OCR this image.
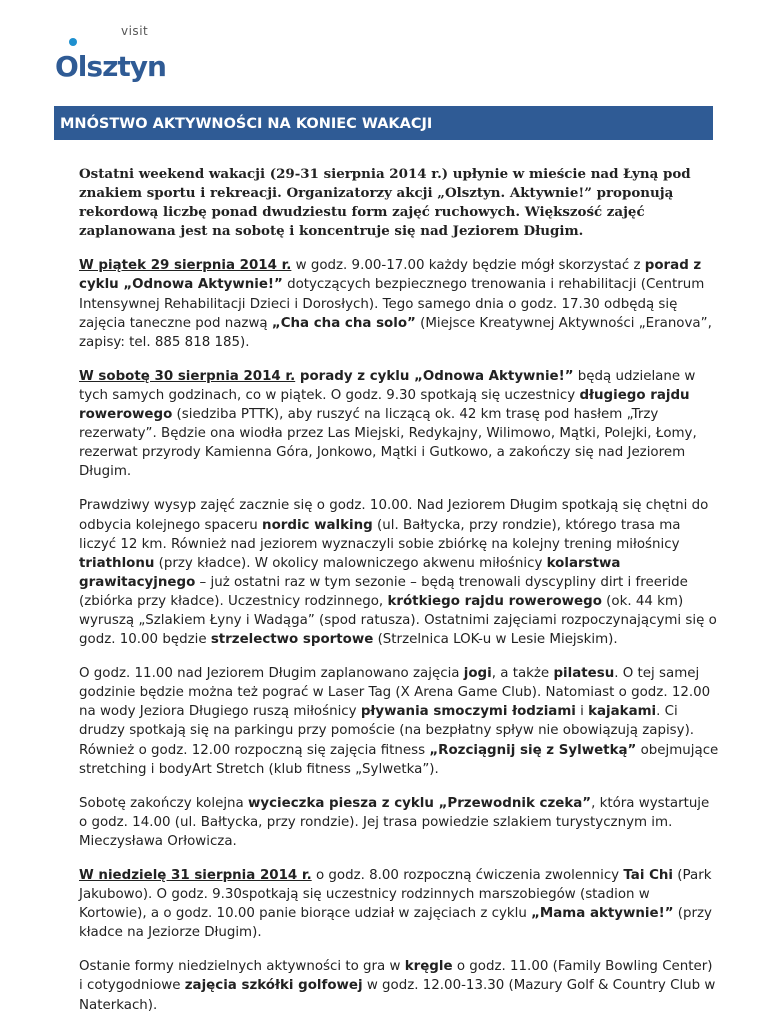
visit
Olsztyn
MNÓSTWO AKTYWNOŚCI NA KONIEC WAKACJI

Ostatni weekend wakacji (29-31 sierpnia 2014 r.) upłynie w mieście nad Łyną pod znakiem sportu i rekreacji. Organizatorzy akcji „Olsztyn. Aktywnie!” proponują rekordową liczbę ponad dwudziestu form zajęć ruchowych. Większość zajęć zaplanowana jest na sobotę i koncentruje się nad Jeziorem Długim.

W piątek 29 sierpnia 2014 r. w godz. 9.00-17.00 każdy będzie mógł skorzystać z porad z cyklu „Odnowa Aktywnie!” dotyczących bezpiecznego trenowania i rehabilitacji (Centrum Intensywnej Rehabilitacji Dzieci i Dorosłych). Tego samego dnia o godz. 17.30 odbędą się zajęcia taneczne pod nazwą „Cha cha cha solo” (Miejsce Kreatywnej Aktywności „Eranova”, zapisy: tel. 885 818 185).

W sobotę 30 sierpnia 2014 r. porady z cyklu „Odnowa Aktywnie!” będą udzielane w tych samych godzinach, co w piątek. O godz. 9.30 spotkają się uczestnicy długiego rajdu rowerowego (siedziba PTTK), aby ruszyć na liczącą ok. 42 km trasę pod hasłem „Trzy rezerwaty”. Będzie ona wiodła przez Las Miejski, Redykajny, Wilimowo, Mątki, Polejki, Łomy, rezerwat przyrody Kamienna Góra, Jonkowo, Mątki i Gutkowo, a zakończy się nad Jeziorem Długim.

Prawdziwy wysyp zajęć zacznie się o godz. 10.00. Nad Jeziorem Długim spotkają się chętni do odbycia kolejnego spaceru nordic walking (ul. Bałtycka, przy rondzie), którego trasa ma liczyć 12 km. Również nad jeziorem wyznaczyli sobie zbiórkę na kolejny trening miłośnicy triathlonu (przy kładce). W okolicy malowniczego akwenu miłośnicy kolarstwa grawitacyjnego – już ostatni raz w tym sezonie – będą trenowali dyscypliny dirt i freeride (zbiórka przy kładce). Uczestnicy rodzinnego, krótkiego rajdu rowerowego (ok. 44 km) wyruszą „Szlakiem Łyny i Wadąga” (spod ratusza). Ostatnimi zajęciami rozpoczynającymi się o godz. 10.00 będzie strzelectwo sportowe (Strzelnica LOK-u w Lesie Miejskim).

O godz. 11.00 nad Jeziorem Długim zaplanowano zajęcia jogi, a także pilatesu. O tej samej godzinie będzie można też pograć w Laser Tag (X Arena Game Club). Natomiast o godz. 12.00 na wody Jeziora Długiego ruszą miłośnicy pływania smoczymi łodziami i kajakami. Ci drudzy spotkają się na parkingu przy pomoście (na bezpłatny spływ nie obowiązują zapisy). Również o godz. 12.00 rozpoczną się zajęcia fitness „Rozciągnij się z Sylwetką” obejmujące stretching i bodyArt Stretch (klub fitness „Sylwetka”).

Sobotę zakończy kolejna wycieczka piesza z cyklu „Przewodnik czeka”, która wystartuje o godz. 14.00 (ul. Bałtycka, przy rondzie). Jej trasa powiedzie szlakiem turystycznym im. Mieczysława Orłowicza.

W niedzielę 31 sierpnia 2014 r. o godz. 8.00 rozpoczną ćwiczenia zwolennicy Tai Chi (Park Jakubowo). O godz. 9.30spotkają się uczestnicy rodzinnych marszobiegów (stadion w Kortowie), a o godz. 10.00 panie biorące udział w zajęciach z cyklu „Mama aktywnie!” (przy kładce na Jeziorze Długim).

Ostanie formy niedzielnych aktywności to gra w kręgle o godz. 11.00 (Family Bowling Center) i cotygodniowe zajęcia szkółki golfowej w godz. 12.00-13.30 (Mazury Golf & Country Club w Naterkach).
